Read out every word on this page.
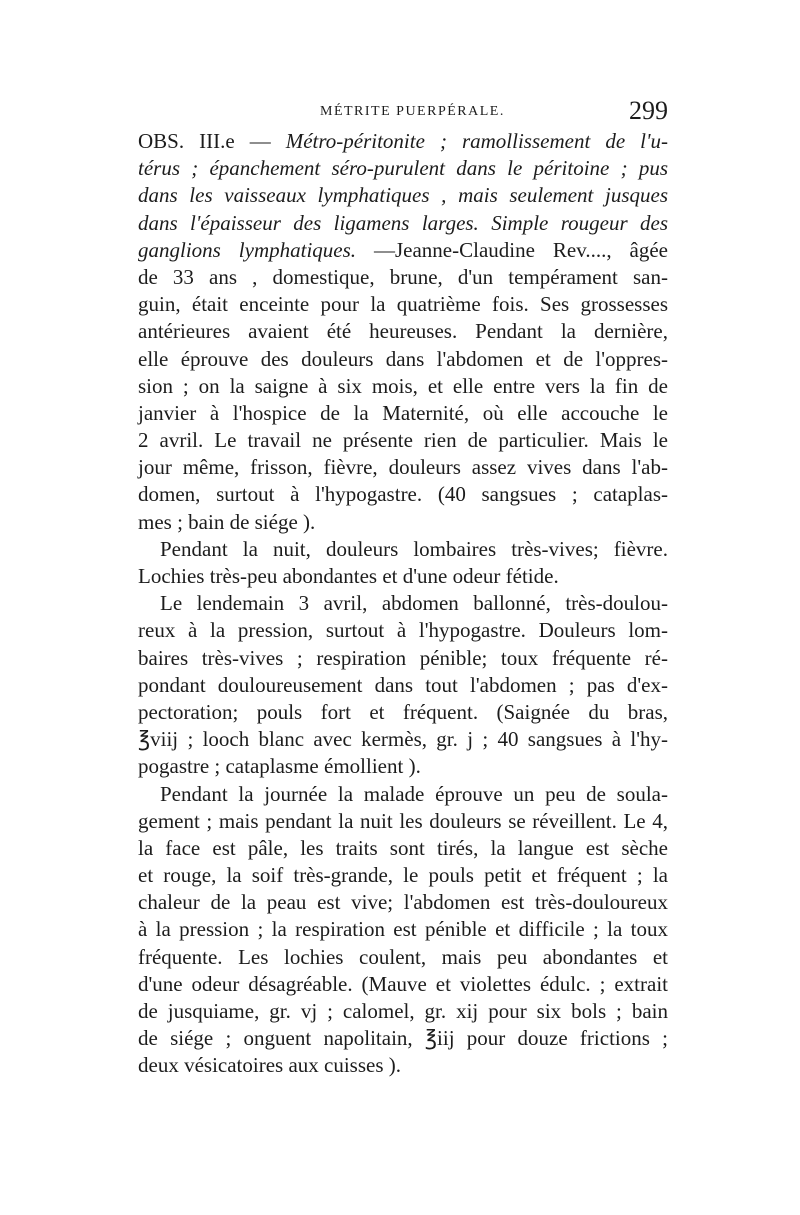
MÉTRITE PUERPÉRALE.	299
OBS. III.e — Métro-péritonite ; ramollissement de l'u-
térus ; épanchement séro-purulent dans le péritoine ; pus
dans les vaisseaux lymphatiques , mais seulement jusques
dans l'épaisseur des ligamens larges. Simple rougeur des
ganglions lymphatiques. —Jeanne-Claudine Rev...., âgée
de 33 ans , domestique, brune, d'un tempérament san-
guin, était enceinte pour la quatrième fois. Ses grossesses
antérieures avaient été heureuses. Pendant la dernière,
elle éprouve des douleurs dans l'abdomen et de l'oppres-
sion ; on la saigne à six mois, et elle entre vers la fin de
janvier à l'hospice de la Maternité, où elle accouche le
2 avril. Le travail ne présente rien de particulier. Mais le
jour même, frisson, fièvre, douleurs assez vives dans l'ab-
domen, surtout à l'hypogastre. (40 sangsues ; cataplas-
mes ; bain de siége ).
Pendant la nuit, douleurs lombaires très-vives; fièvre.
Lochies très-peu abondantes et d'une odeur fétide.
Le lendemain 3 avril, abdomen ballonné, très-doulou-
reux à la pression, surtout à l'hypogastre. Douleurs lom-
baires très-vives ; respiration pénible; toux fréquente ré-
pondant douloureusement dans tout l'abdomen ; pas d'ex-
pectoration; pouls fort et fréquent. (Saignée du bras,
℥viij ; looch blanc avec kermès, gr. j ; 40 sangsues à l'hy-
pogastre ; cataplasme émollient ).
Pendant la journée la malade éprouve un peu de soula-
gement ; mais pendant la nuit les douleurs se réveillent. Le 4,
la face est pâle, les traits sont tirés, la langue est sèche
et rouge, la soif très-grande, le pouls petit et fréquent ; la
chaleur de la peau est vive; l'abdomen est très-douloureux
à la pression ; la respiration est pénible et difficile ; la toux
fréquente. Les lochies coulent, mais peu abondantes et
d'une odeur désagréable. (Mauve et violettes édulc. ; extrait
de jusquiame, gr. vj ; calomel, gr. xij pour six bols ; bain
de siége ; onguent napolitain, ℥iij pour douze frictions ;
deux vésicatoires aux cuisses ).
